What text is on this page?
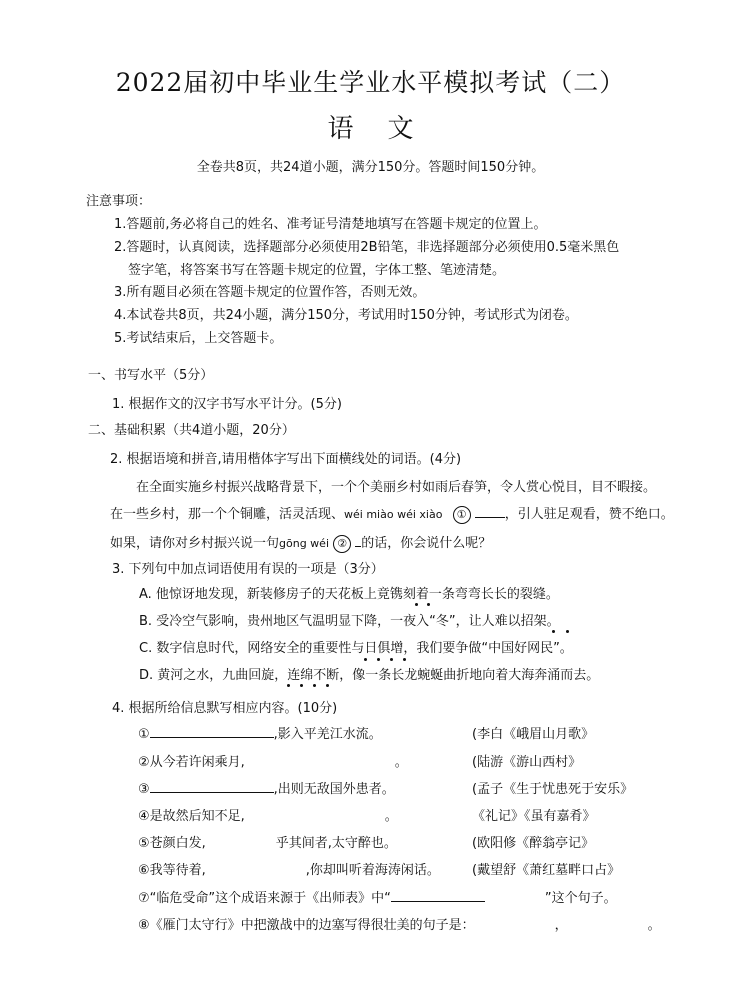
2022届初中毕业生学业水平模拟考试（二）
语文
全卷共8页，共24道小题，满分150分。答题时间150分钟。
注意事项：
1.答题前,务必将自己的姓名、准考证号清楚地填写在答题卡规定的位置上。
2.答题时，认真阅读，选择题部分必须使用2B铅笔，非选择题部分必须使用0.5毫米黑色
签字笔，将答案书写在答题卡规定的位置，字体工整、笔迹清楚。
3.所有题目必须在答题卡规定的位置作答，否则无效。
4.本试卷共8页，共24小题，满分150分，考试用时150分钟，考试形式为闭卷。
5.考试结束后，上交答题卡。
一、书写水平（5分）
1. 根据作文的汉字书写水平计分。(5分)
二、基础积累（共4道小题，20分）
2. 根据语境和拼音,请用楷体字写出下面横线处的词语。(4分)
在全面实施乡村振兴战略背景下，一个个美丽乡村如雨后春笋，令人赏心悦目，目不暇接。
在一些乡村，那一个个铜雕，活灵活现、wéi miào wéi xiào ①	，引人驻足观看，赞不绝口。
如果，请你对乡村振兴说一句gōng wéi ② 的话，你会说什么呢？
3. 下列句中加点词语使用有误的一项是（3分）
A. 他惊讶地发现，新装修房子的天花板上竟镌刻着一条弯弯长长的裂缝。
B. 受冷空气影响，贵州地区气温明显下降，一夜入“冬”，让人难以招架。
C. 数字信息时代，网络安全的重要性与日俱增，我们要争做“中国好网民”。
D. 黄河之水，九曲回旋，连绵不断，像一条长龙蜿蜒曲折地向着大海奔涌而去。
4. 根据所给信息默写相应内容。(10分)
①	,影入平羌江水流。	(李白《峨眉山月歌》
②从今若许闲乘月,	。	(陆游《游山西村》
③	,出则无敌国外患者。	(孟子《生于忧患死于安乐》
④是故然后知不足,	。	《礼记》《虽有嘉肴》
⑤苍颜白发,	乎其间者,太守醉也。	(欧阳修《醉翁亭记》
⑥我等待着,	,你却叫听着海涛闲话。 (戴望舒《萧红墓畔口占》
⑦“临危受命”这个成语来源于《出师表》中“	”这个句子。
⑧《雁门太守行》中把激战中的边塞写得很壮美的句子是：	，	。
